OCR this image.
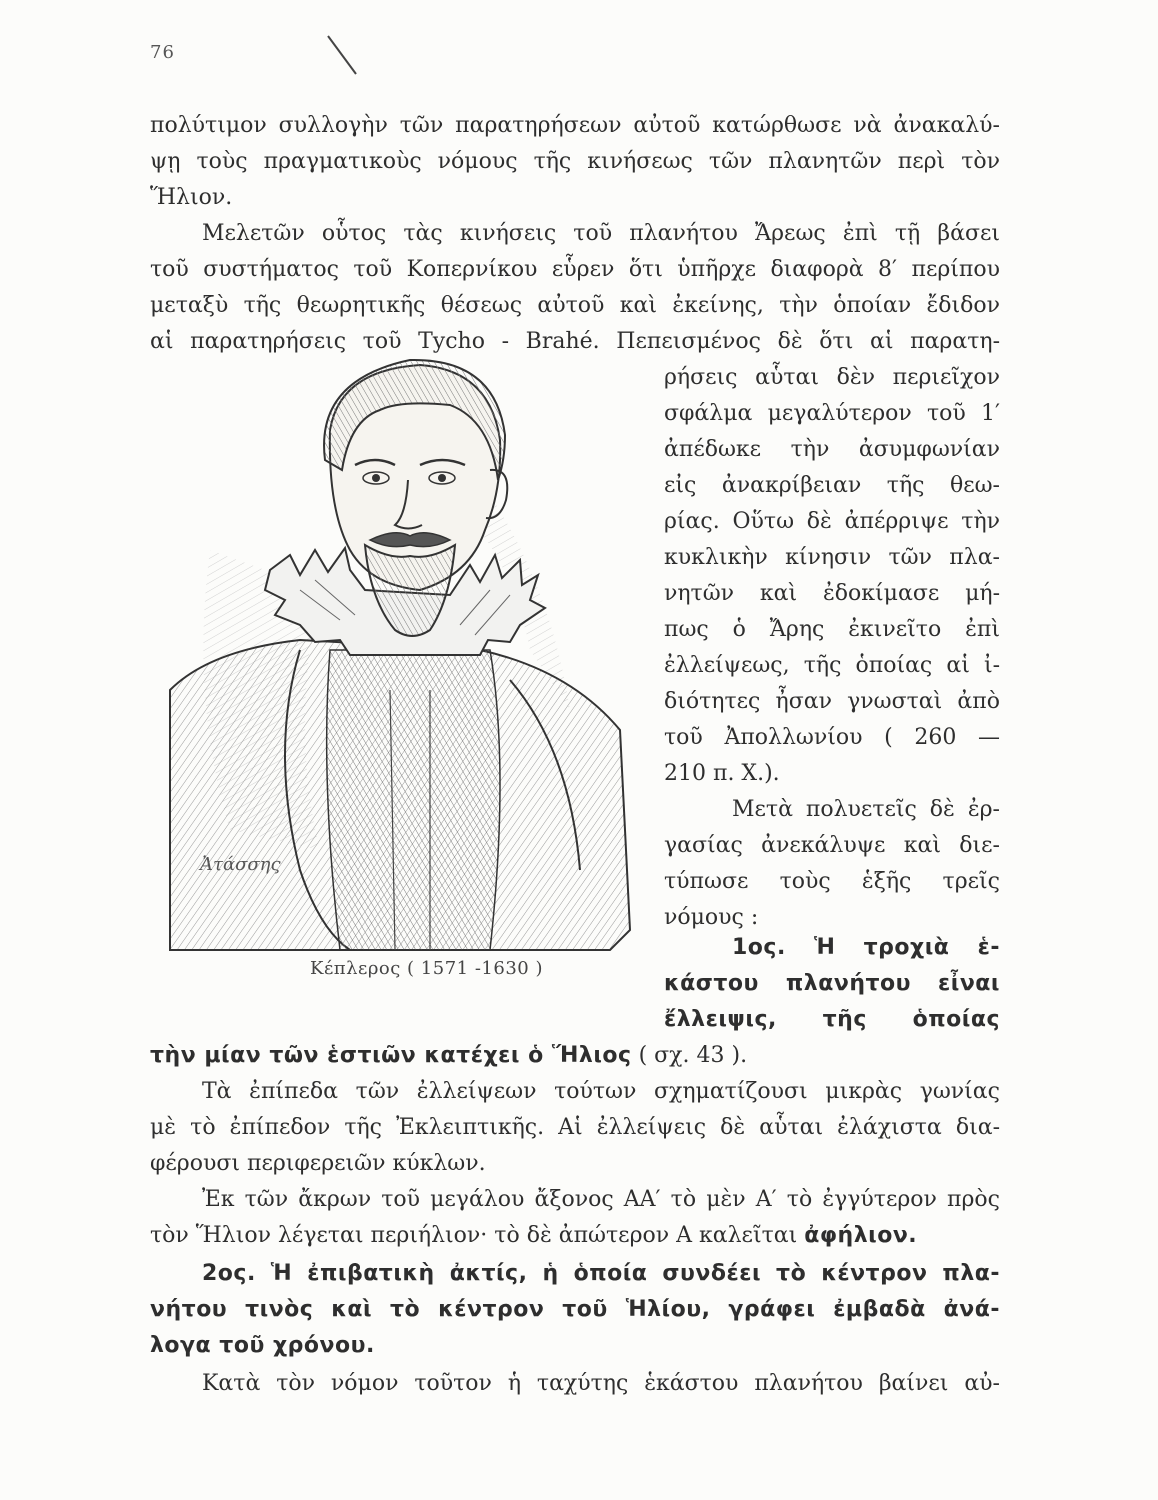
76
πολύτιμον συλλογὴν τῶν παρατηρήσεων αὐτοῦ κατώρθωσε νὰ ἀνακαλύ-
ψῃ τοὺς πραγματικοὺς νόμους τῆς κινήσεως τῶν πλανητῶν περὶ τὸν
Ἥλιον.
Μελετῶν οὗτος τὰς κινήσεις τοῦ πλανήτου Ἄρεως ἐπὶ τῇ βάσει
τοῦ συστήματος τοῦ Κοπερνίκου εὗρεν ὅτι ὑπῆρχε διαφορὰ 8′ περίπου
μεταξὺ τῆς θεωρητικῆς θέσεως αὐτοῦ καὶ ἐκείνης, τὴν ὁποίαν ἔδιδον
αἱ παρατηρήσεις τοῦ Tycho - Brahé. Πεπεισμένος δὲ ὅτι αἱ παρατη-
Ἀτάσσης
Κέπλερος ( 1571 -1630 )
ρήσεις αὗται δὲν περιεῖχον
σφάλμα μεγαλύτερον τοῦ 1′
ἀπέδωκε τὴν ἀσυμφωνίαν
εἰς ἀνακρίβειαν τῆς θεω-
ρίας. Οὕτω δὲ ἀπέρριψε τὴν
κυκλικὴν κίνησιν τῶν πλα-
νητῶν καὶ ἐδοκίμασε μή-
πως ὁ Ἄρης ἐκινεῖτο ἐπὶ
ἐλλείψεως, τῆς ὁποίας αἱ ἰ-
διότητες ἦσαν γνωσταὶ ἀπὸ
τοῦ Ἀπολλωνίου ( 260 —
210 π. Χ.).
Μετὰ πολυετεῖς δὲ ἐρ-
γασίας ἀνεκάλυψε καὶ διε-
τύπωσε τοὺς ἑξῆς τρεῖς
νόμους :
1ος. Ἡ τροχιὰ ἑ-
κάστου πλανήτου εἶναι
ἔλλειψις, τῆς ὁποίας
τὴν μίαν τῶν ἑστιῶν κατέχει ὁ Ἥλιος ( σχ. 43 ).
Τὰ ἐπίπεδα τῶν ἐλλείψεων τούτων σχηματίζουσι μικρὰς γωνίας
μὲ τὸ ἐπίπεδον τῆς Ἐκλειπτικῆς. Αἱ ἐλλείψεις δὲ αὗται ἐλάχιστα δια-
φέρουσι περιφερειῶν κύκλων.
Ἐκ τῶν ἄκρων τοῦ μεγάλου ἄξονος ΑΑ′ τὸ μὲν Α′ τὸ ἐγγύτερον πρὸς
τὸν Ἥλιον λέγεται περιήλιον· τὸ δὲ ἀπώτερον Α καλεῖται ἀφήλιον.
2ος. Ἡ ἐπιβατικὴ ἀκτίς, ἡ ὁποία συνδέει τὸ κέντρον πλα-
νήτου τινὸς καὶ τὸ κέντρον τοῦ Ἡλίου, γράφει ἐμβαδὰ ἀνά-
λογα τοῦ χρόνου.
Κατὰ τὸν νόμον τοῦτον ἡ ταχύτης ἑκάστου πλανήτου βαίνει αὐ-
